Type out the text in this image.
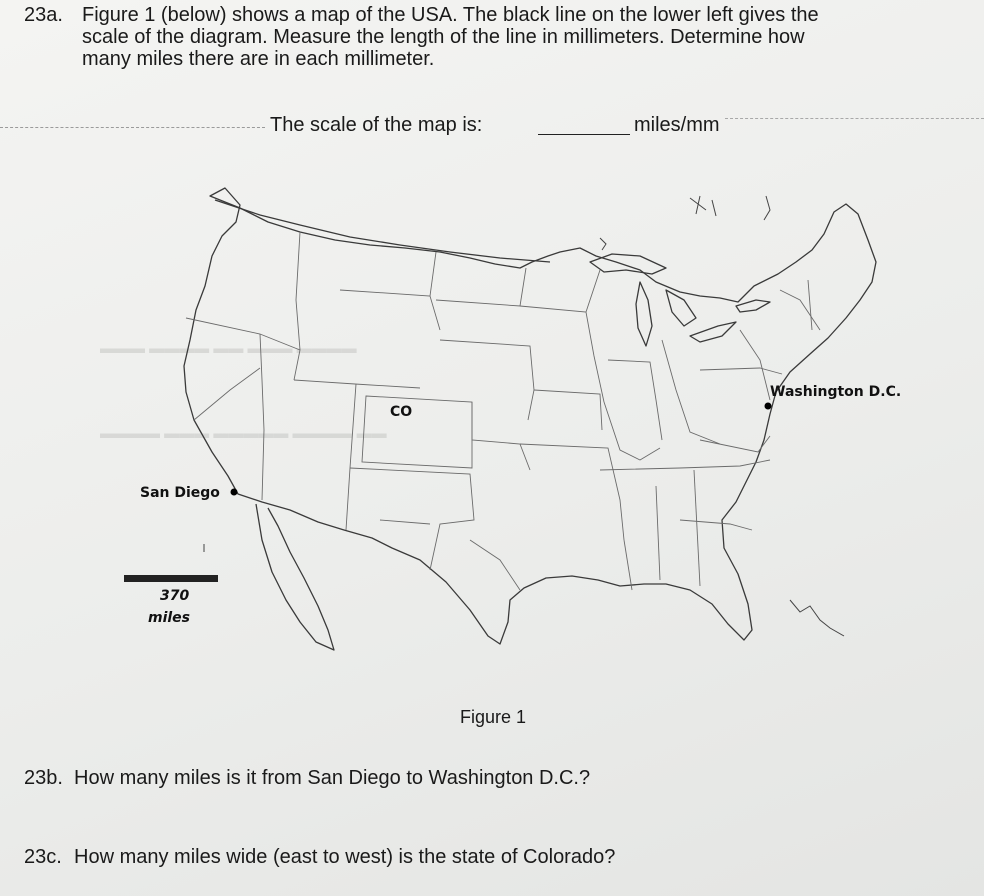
▬▬▬ ▬▬▬▬ ▬▬ ▬▬▬ ▬▬▬▬
▬▬▬▬ ▬▬▬ ▬▬▬▬▬ ▬▬▬▬ ▬▬
23a. Figure 1 (below) shows a map of the USA. The black line on the lower left gives the
scale of the diagram. Measure the length of the line in millimeters. Determine how
many miles there are in each millimeter.
The scale of the map is:	miles/mm
CO
San Diego
Washington D.C.
370
miles
Figure 1
23b. How many miles is it from San Diego to Washington D.C.?
23c. How many miles wide (east to west) is the state of Colorado?
